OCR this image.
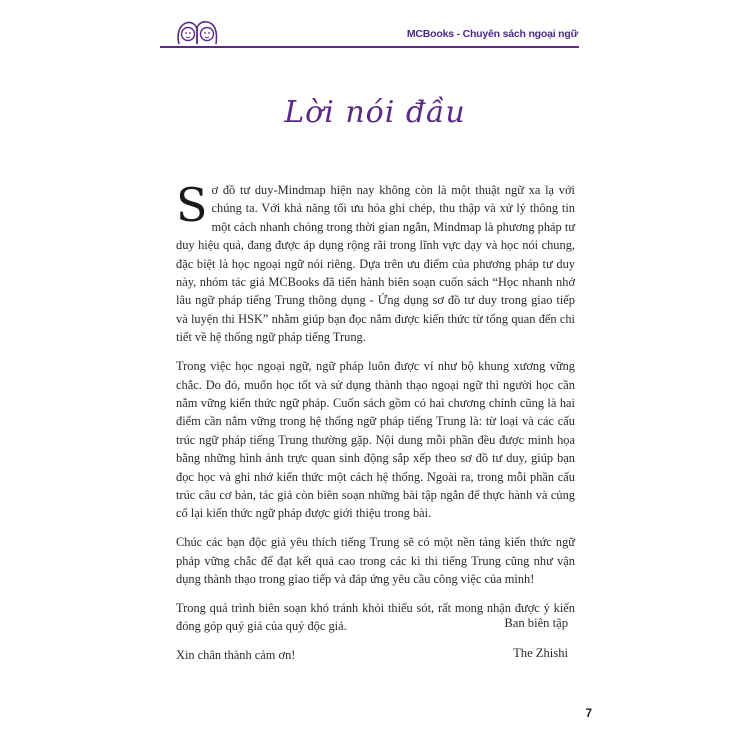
MCBooks - Chuyên sách ngoại ngữ
Lời nói đầu

Sơ đồ tư duy-Mindmap hiện nay không còn là một thuật ngữ xa lạ với chúng ta. Với khả năng tối ưu hóa ghi chép, thu thập và xử lý thông tin một cách nhanh chóng trong thời gian ngắn, Mindmap là phương pháp tư duy hiệu quả, đang được áp dụng rộng rãi trong lĩnh vực dạy và học nói chung, đặc biệt là học ngoại ngữ nói riêng. Dựa trên ưu điểm của phương pháp tư duy này, nhóm tác giả MCBooks đã tiến hành biên soạn cuốn sách “Học nhanh nhớ lâu ngữ pháp tiếng Trung thông dụng - Ứng dụng sơ đồ tư duy trong giao tiếp và luyện thi HSK” nhằm giúp bạn đọc nắm được kiến thức từ tổng quan đến chi tiết về hệ thống ngữ pháp tiếng Trung.

Trong việc học ngoại ngữ, ngữ pháp luôn được ví như bộ khung xương vững chắc. Do đó, muốn học tốt và sử dụng thành thạo ngoại ngữ thì người học cần nắm vững kiến thức ngữ pháp. Cuốn sách gồm có hai chương chính cũng là hai điểm cần nắm vững trong hệ thống ngữ pháp tiếng Trung là: từ loại và các cấu trúc ngữ pháp tiếng Trung thường gặp. Nội dung mỗi phần đều được minh họa bằng những hình ảnh trực quan sinh động sắp xếp theo sơ đồ tư duy, giúp bạn đọc học và ghi nhớ kiến thức một cách hệ thống. Ngoài ra, trong mỗi phần cấu trúc câu cơ bản, tác giả còn biên soạn những bài tập ngắn để thực hành và củng cố lại kiến thức ngữ pháp được giới thiệu trong bài.

Chúc các bạn độc giả yêu thích tiếng Trung sẽ có một nền tảng kiến thức ngữ pháp vững chắc để đạt kết quả cao trong các kì thi tiếng Trung cũng như vận dụng thành thạo trong giao tiếp và đáp ứng yêu cầu công việc của mình!

Trong quá trình biên soạn khó tránh khỏi thiếu sót, rất mong nhận được ý kiến đóng góp quý giá của quý độc giả.

Xin chân thành cảm ơn!

Ban biên tập
The Zhishi
7
